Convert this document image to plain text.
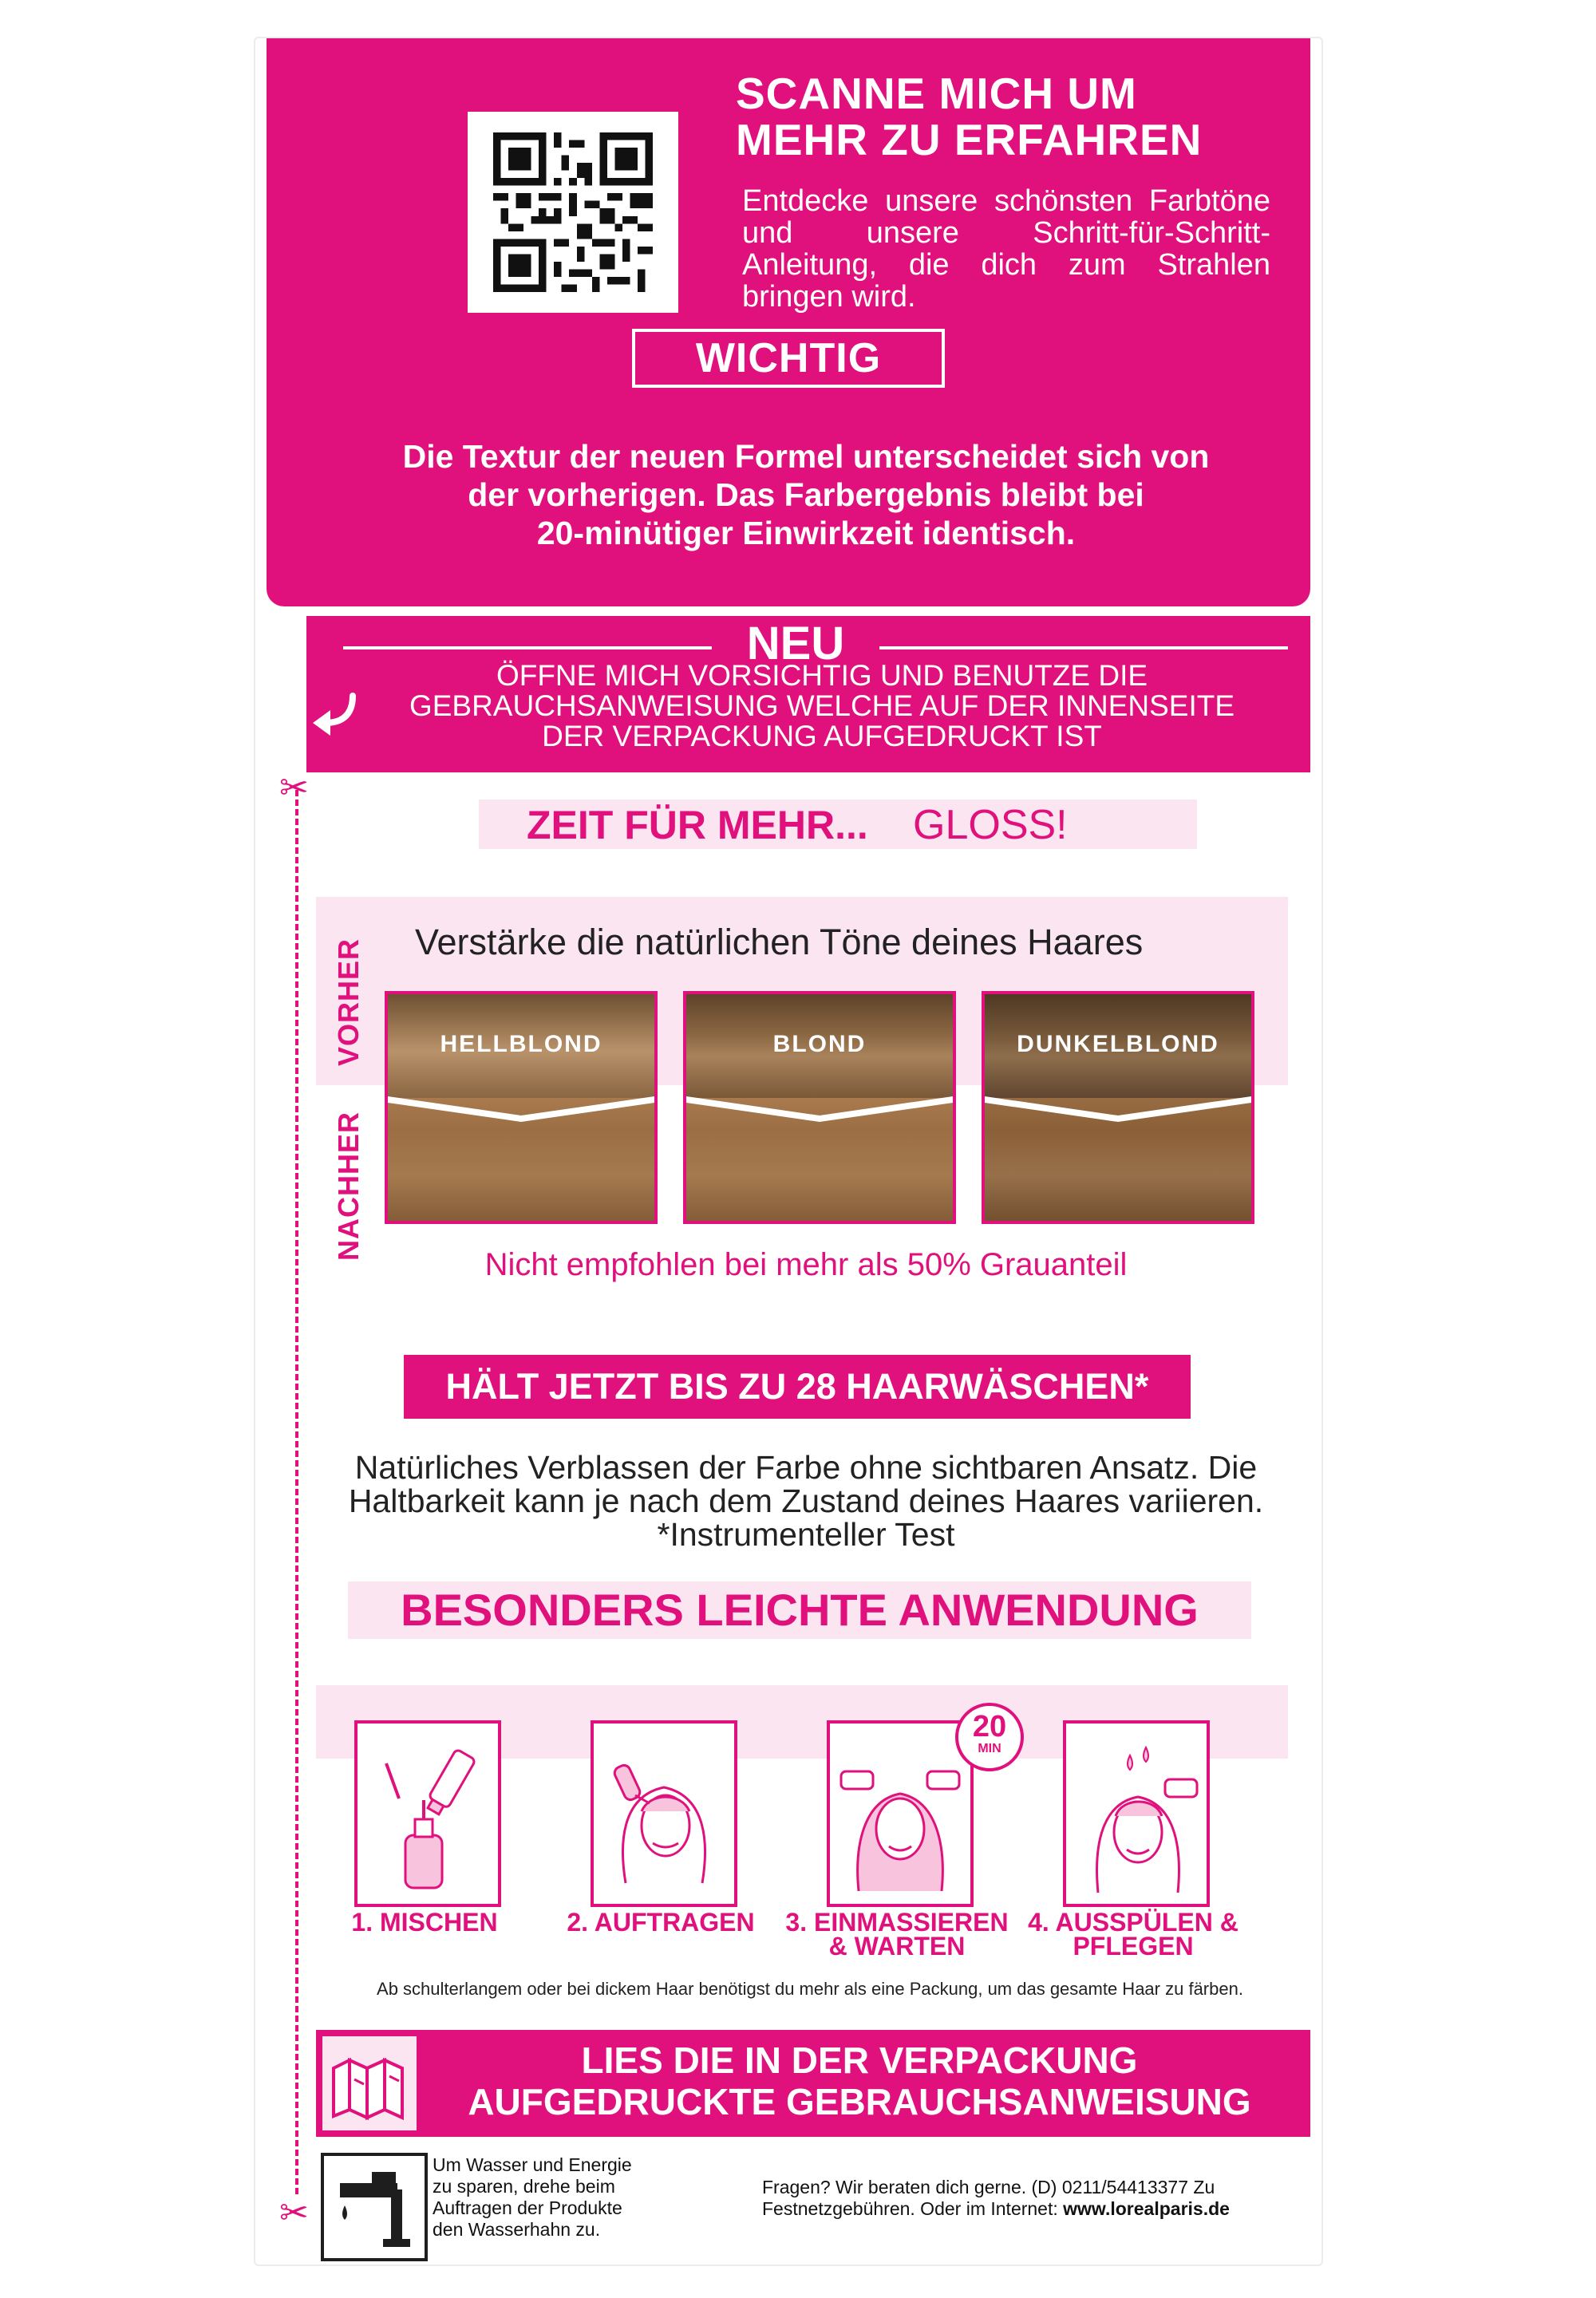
SCANNE MICH UM
MEHR ZU ERFAHREN
Entdecke unsere schönsten Farbtöne und unsere Schritt-für-Schritt-Anleitung, die dich zum Strahlen bringen wird.
WICHTIG
Die Textur der neuen Formel unterscheidet sich von
der vorherigen. Das Farbergebnis bleibt bei
20-minütiger Einwirkzeit identisch.
NEU
ÖFFNE MICH VORSICHTIG UND BENUTZE DIE
GEBRAUCHSANWEISUNG WELCHE AUF DER INNENSEITE
DER VERPACKUNG AUFGEDRUCKT IST
✂
✂
ZEIT FÜR MEHR... GLOSS!
VORHER
NACHHER
Verstärke die natürlichen Töne deines Haares
HELLBLOND	BLOND	DUNKELBLOND
Nicht empfohlen bei mehr als 50% Grauanteil
HÄLT JETZT BIS ZU 28 HAARWÄSCHEN*
Natürliches Verblassen der Farbe ohne sichtbaren Ansatz. Die
Haltbarkeit kann je nach dem Zustand deines Haares variieren.
*Instrumenteller Test
BESONDERS LEICHTE ANWENDUNG
20
MIN
1. MISCHEN	2. AUFTRAGEN	3. EINMASSIEREN
& WARTEN
4. AUSSPÜLEN &
PFLEGEN
Ab schulterlangem oder bei dickem Haar benötigst du mehr als eine Packung, um das gesamte Haar zu färben.
LIES DIE IN DER VERPACKUNG
AUFGEDRUCKTE GEBRAUCHSANWEISUNG
Um Wasser und Energie
zu sparen, drehe beim
Auftragen der Produkte
den Wasserhahn zu.
Fragen? Wir beraten dich gerne. (D) 0211/54413377 Zu
Festnetzgebühren. Oder im Internet: www.lorealparis.de
